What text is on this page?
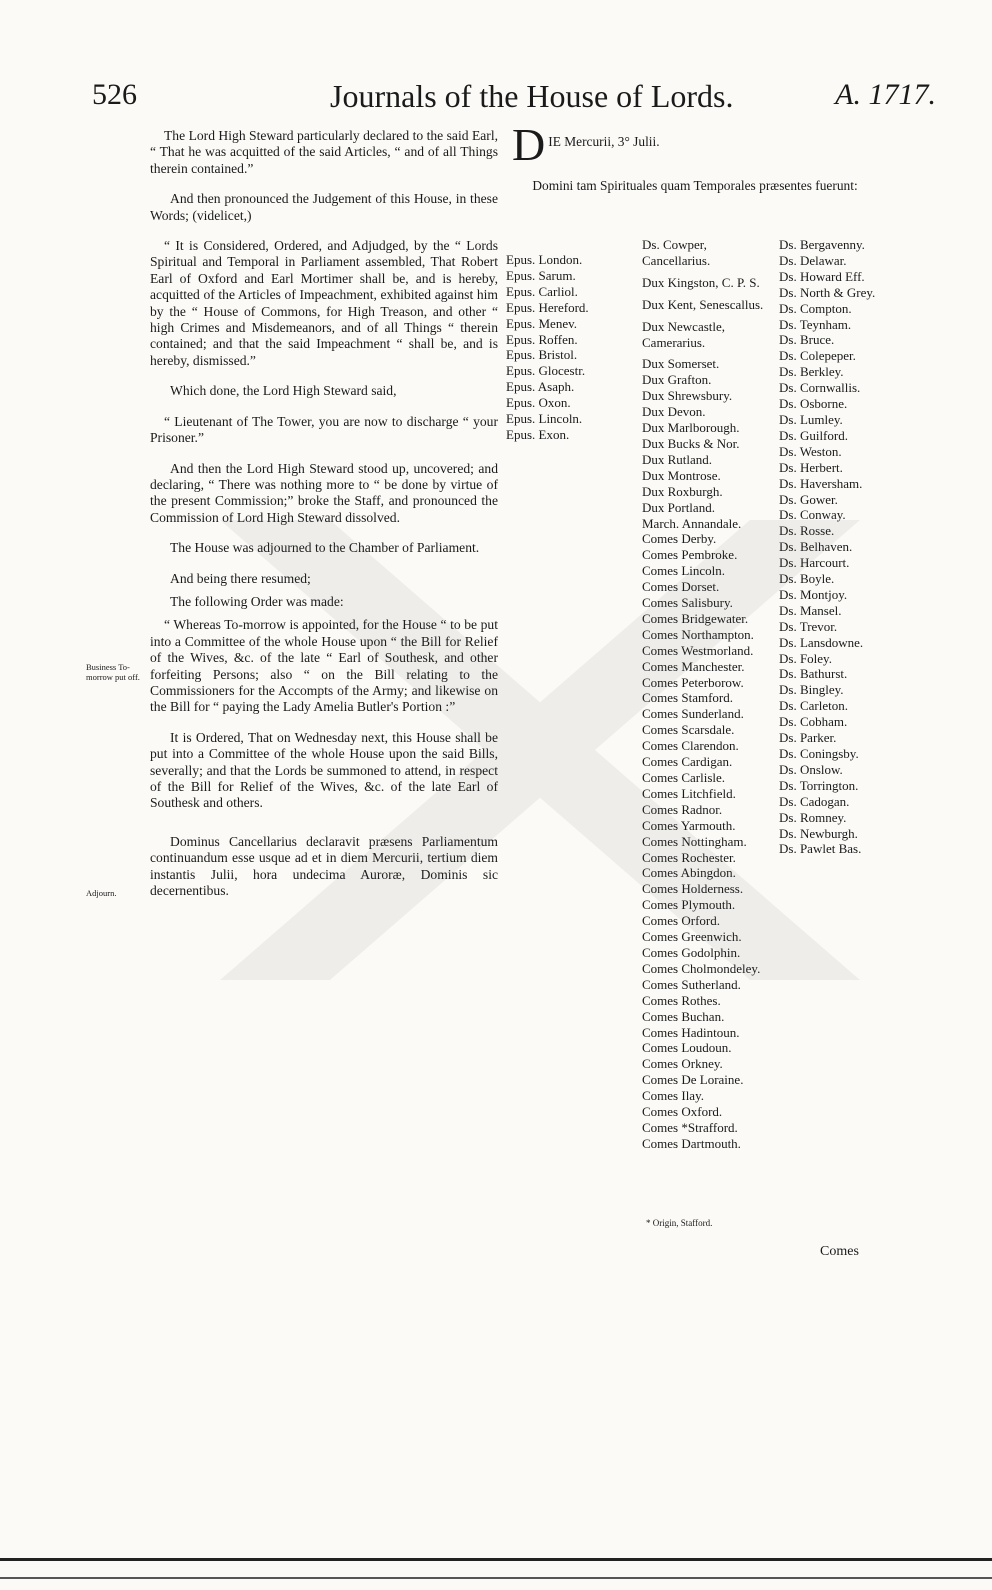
526	Journals of the House of Lords.	A. 1717.

The Lord High Steward particularly declared to the said Earl, “ That he was acquitted of the said Articles, “ and of all Things therein contained.”

And then pronounced the Judgement of this House, in these Words; (videlicet,)

“ It is Considered, Ordered, and Adjudged, by the “ Lords Spiritual and Temporal in Parliament assembled, That Robert Earl of Oxford and Earl Mortimer shall be, and is hereby, acquitted of the Articles of Impeachment, exhibited against him by the “ House of Commons, for High Treason, and other “ high Crimes and Misdemeanors, and of all Things “ therein contained; and that the said Impeachment “ shall be, and is hereby, dismissed.”

Which done, the Lord High Steward said,

“ Lieutenant of The Tower, you are now to discharge “ your Prisoner.”

And then the Lord High Steward stood up, uncovered; and declaring, “ There was nothing more to “ be done by virtue of the present Commission;” broke the Staff, and pronounced the Commission of Lord High Steward dissolved.

The House was adjourned to the Chamber of Parliament.

And being there resumed;

The following Order was made:

“ Whereas To-morrow is appointed, for the House “ to be put into a Committee of the whole House upon “ the Bill for Relief of the Wives, &c. of the late “ Earl of Southesk, and other forfeiting Persons; also “ on the Bill relating to the Commissioners for the Accompts of the Army; and likewise on the Bill for “ paying the Lady Amelia Butler's Portion :”

It is Ordered, That on Wednesday next, this House shall be put into a Committee of the whole House upon the said Bills, severally; and that the Lords be summoned to attend, in respect of the Bill for Relief of the Wives, &c. of the late Earl of Southesk and others.

Dominus Cancellarius declaravit præsens Parliamentum continuandum esse usque ad et in diem Mercurii, tertium diem instantis Julii, hora undecima Auroræ, Dominis sic decernentibus.

Business To-morrow put off.
Adjourn.
D IE Mercurii, 3° Julii.
Domini tam Spirituales quam Temporales præsentes fuerunt:
Epus. London.
Epus. Sarum.
Epus. Carliol.
Epus. Hereford.
Epus. Menev.
Epus. Roffen.
Epus. Bristol.
Epus. Glocestr.
Epus. Asaph.
Epus. Oxon.
Epus. Lincoln.
Epus. Exon.
Ds. Cowper, Cancellarius.
Dux Kingston, C. P. S.
Dux Kent, Senescallus.
Dux Newcastle, Camerarius.
Dux Somerset.
Dux Grafton.
Dux Shrewsbury.
Dux Devon.
Dux Marlborough.
Dux Bucks & Nor.
Dux Rutland.
Dux Montrose.
Dux Roxburgh.
Dux Portland.
March. Annandale.
Comes Derby.
Comes Pembroke.
Comes Lincoln.
Comes Dorset.
Comes Salisbury.
Comes Bridgewater.
Comes Northampton.
Comes Westmorland.
Comes Manchester.
Comes Peterborow.
Comes Stamford.
Comes Sunderland.
Comes Scarsdale.
Comes Clarendon.
Comes Cardigan.
Comes Carlisle.
Comes Litchfield.
Comes Radnor.
Comes Yarmouth.
Comes Nottingham.
Comes Rochester.
Comes Abingdon.
Comes Holderness.
Comes Plymouth.
Comes Orford.
Comes Greenwich.
Comes Godolphin.
Comes Cholmondeley.
Comes Sutherland.
Comes Rothes.
Comes Buchan.
Comes Hadintoun.
Comes Loudoun.
Comes Orkney.
Comes De Loraine.
Comes Ilay.
Comes Oxford.
Comes *Strafford.
Comes Dartmouth.
Ds. Bergavenny.
Ds. Delawar.
Ds. Howard Eff.
Ds. North & Grey.
Ds. Compton.
Ds. Teynham.
Ds. Bruce.
Ds. Colepeper.
Ds. Berkley.
Ds. Cornwallis.
Ds. Osborne.
Ds. Lumley.
Ds. Guilford.
Ds. Weston.
Ds. Herbert.
Ds. Haversham.
Ds. Gower.
Ds. Conway.
Ds. Rosse.
Ds. Belhaven.
Ds. Harcourt.
Ds. Boyle.
Ds. Montjoy.
Ds. Mansel.
Ds. Trevor.
Ds. Lansdowne.
Ds. Foley.
Ds. Bathurst.
Ds. Bingley.
Ds. Carleton.
Ds. Cobham.
Ds. Parker.
Ds. Coningsby.
Ds. Onslow.
Ds. Torrington.
Ds. Cadogan.
Ds. Romney.
Ds. Newburgh.
Ds. Pawlet Bas.
* Origin, Stafford.
Comes
